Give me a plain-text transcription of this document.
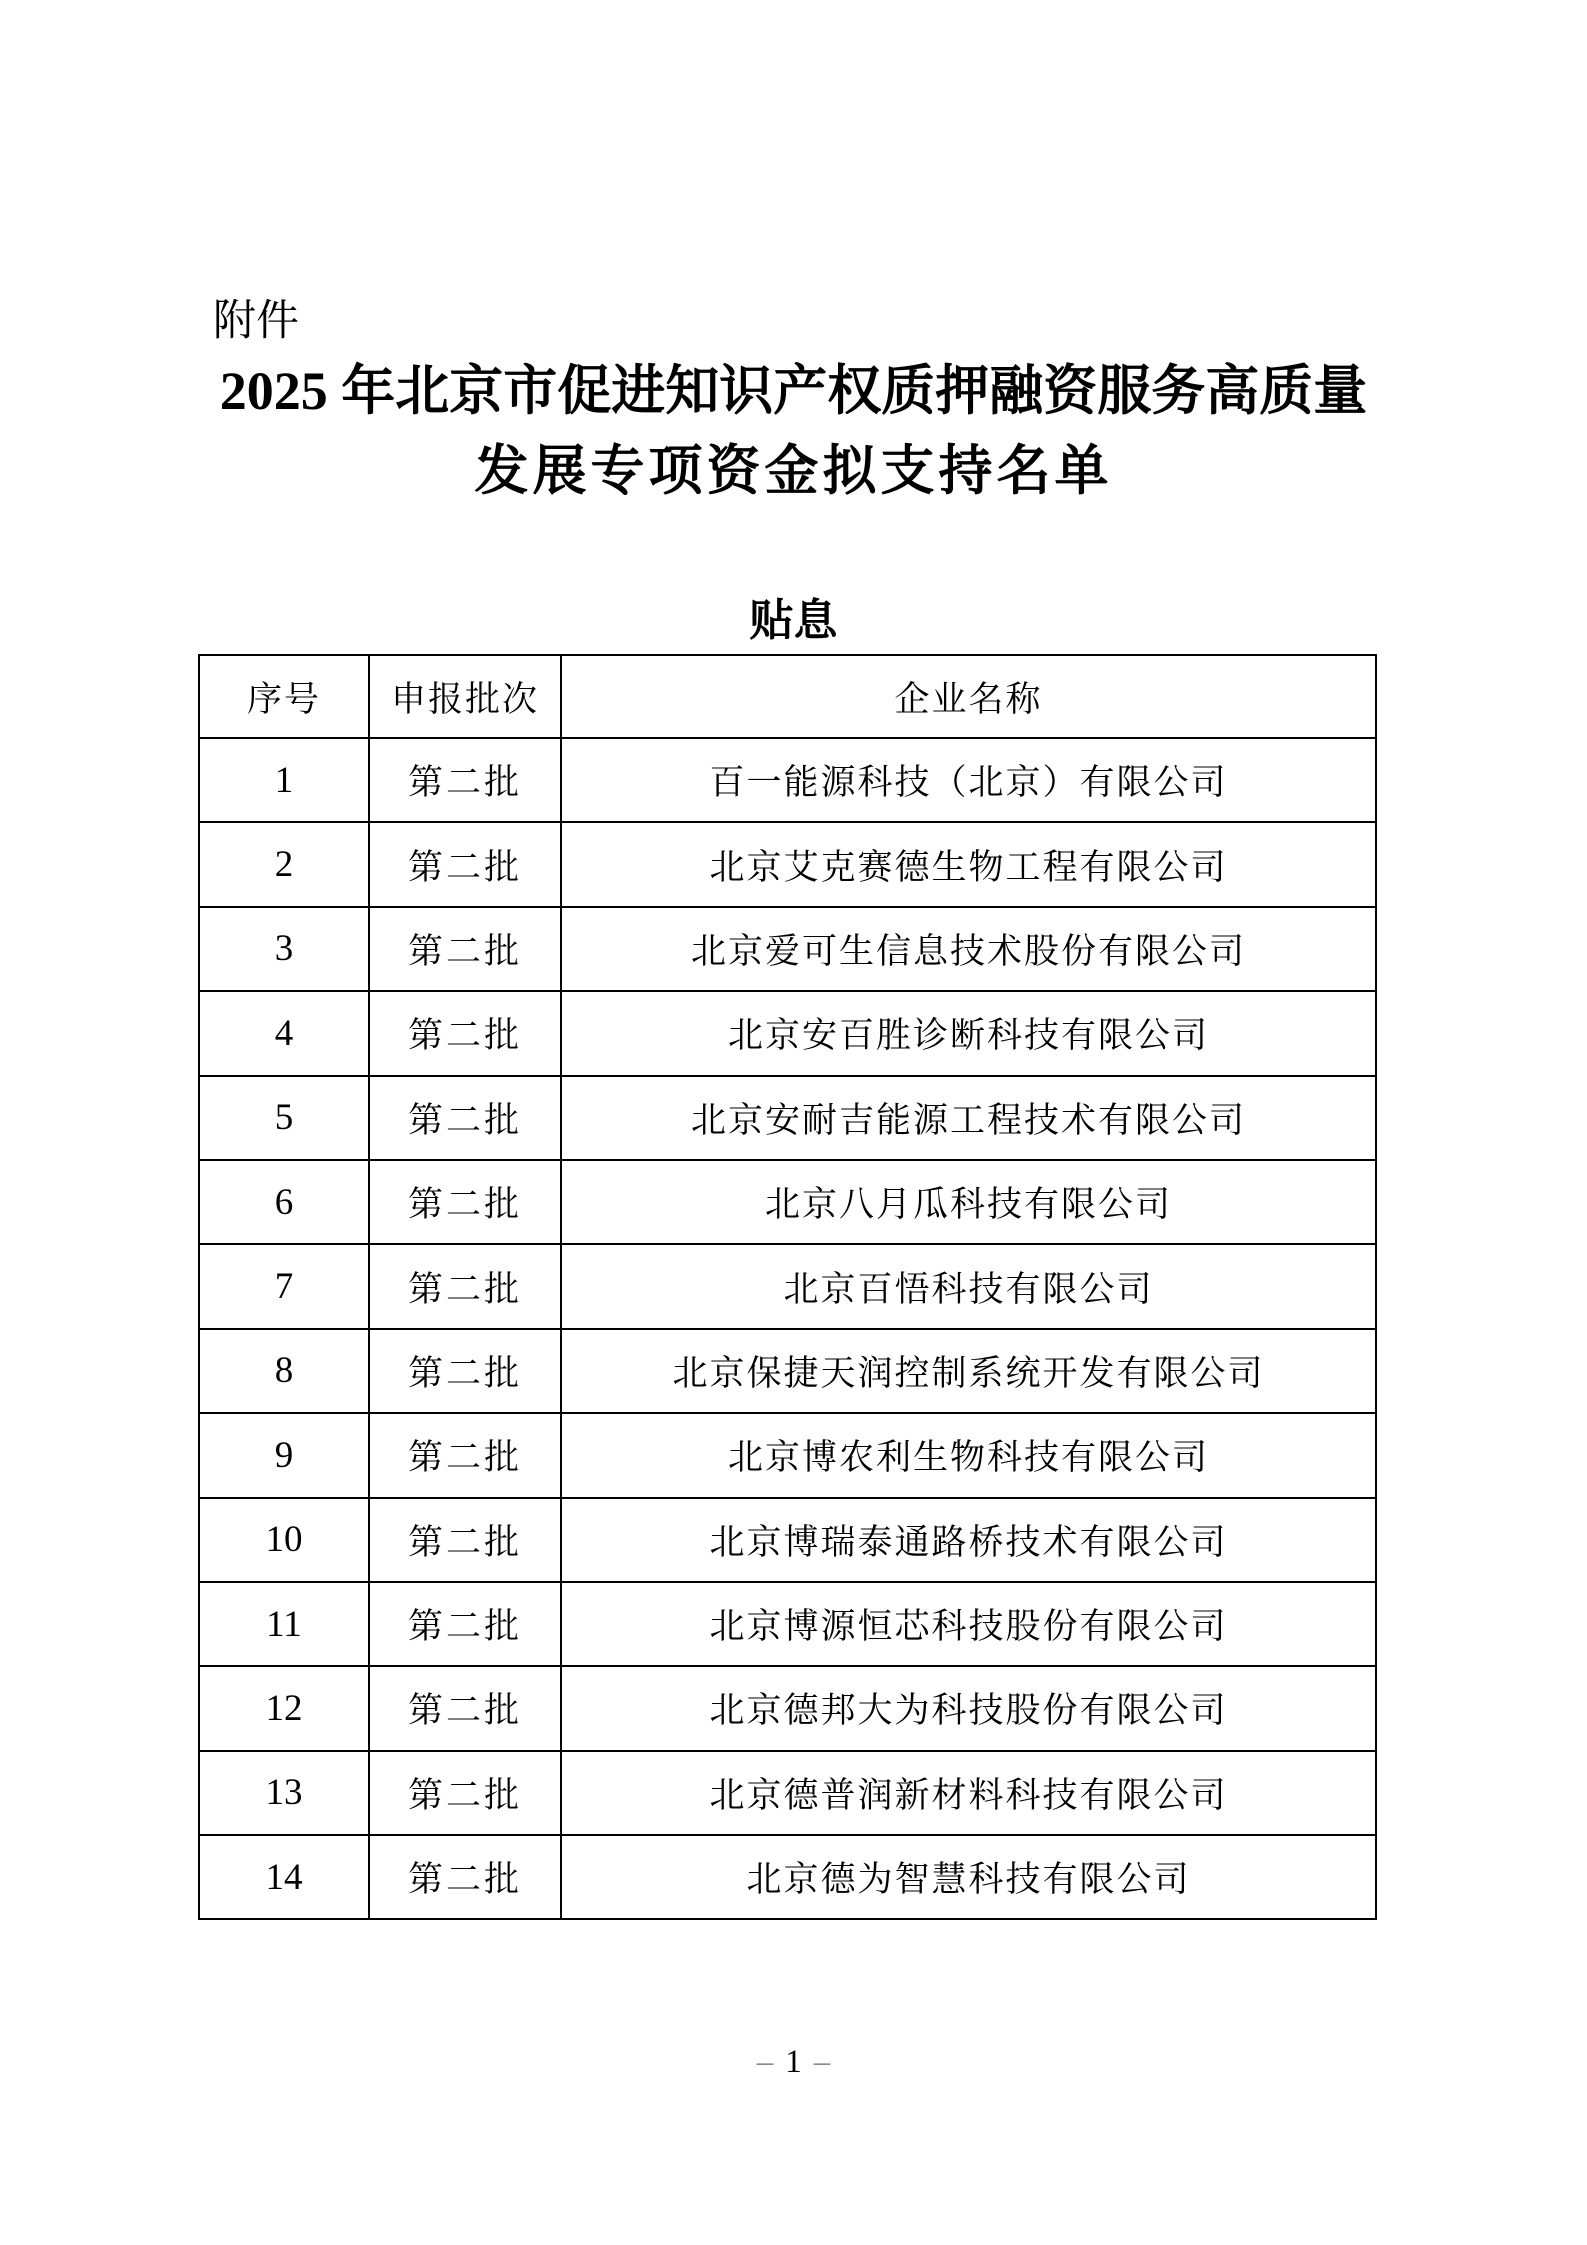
附件
2025 年北京市促进知识产权质押融资服务高质量
发展专项资金拟支持名单
贴息
序号	申报批次	企业名称
1	第二批	百一能源科技（北京）有限公司
2	第二批	北京艾克赛德生物工程有限公司
3	第二批	北京爱可生信息技术股份有限公司
4	第二批	北京安百胜诊断科技有限公司
5	第二批	北京安耐吉能源工程技术有限公司
6	第二批	北京八月瓜科技有限公司
7	第二批	北京百悟科技有限公司
8	第二批	北京保捷天润控制系统开发有限公司
9	第二批	北京博农利生物科技有限公司
10	第二批	北京博瑞泰通路桥技术有限公司
11	第二批	北京博源恒芯科技股份有限公司
12	第二批	北京德邦大为科技股份有限公司
13	第二批	北京德普润新材料科技有限公司
14	第二批	北京德为智慧科技有限公司
– 1 –
